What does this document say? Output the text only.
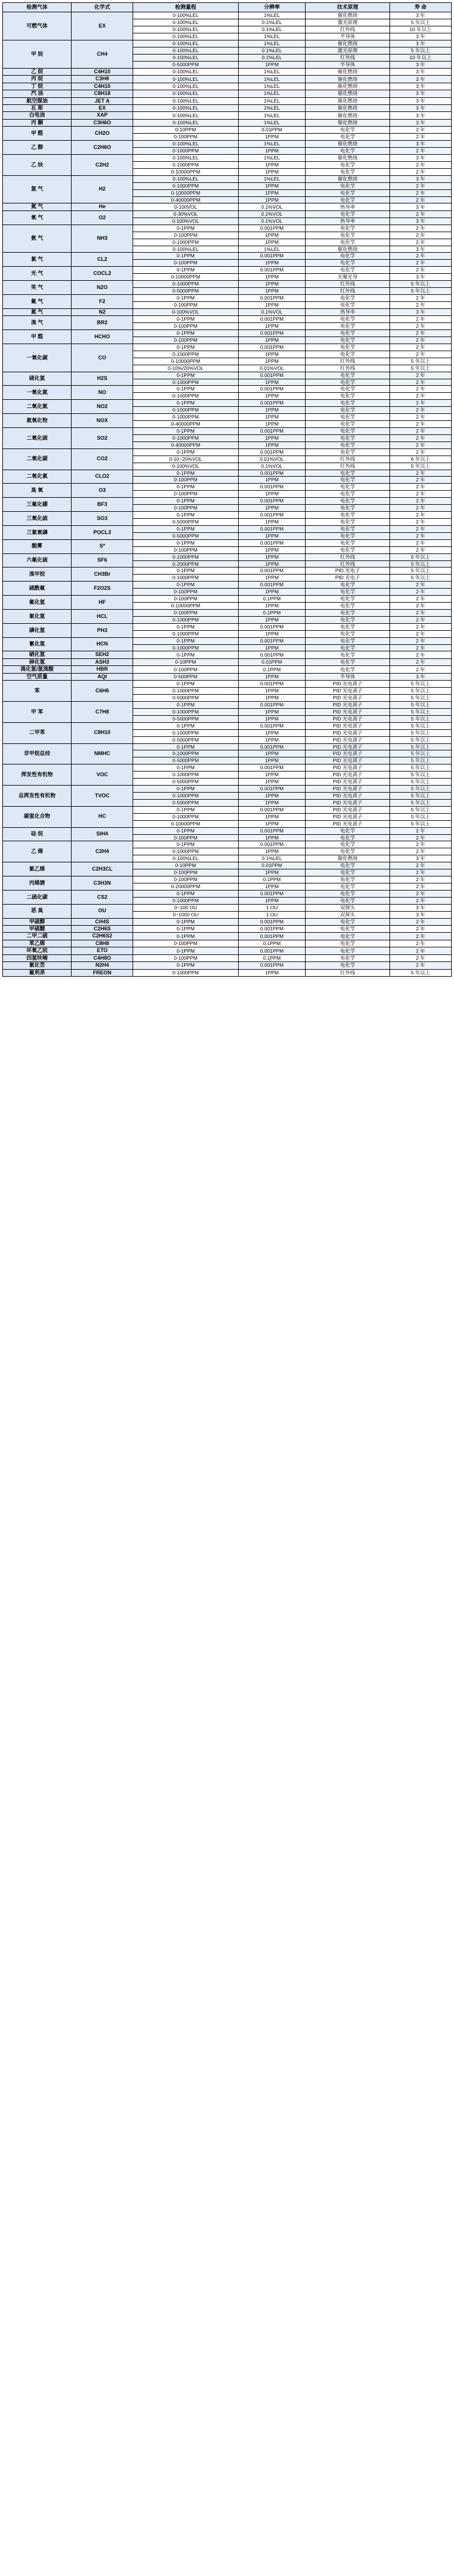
检测气体	化学式	检测量程	分辨率	技术原理	寿 命
可燃气体	EX	0-100%LEL	1%LEL	催化燃烧	3 年
		0-100%LEL	0.1%LEL	激光原理	5 年以上
		0-100%LEL	0.1%LEL	红外线	10 年以上
		0-100%LEL	1%LEL	半导体	3 年
甲 烷	CH4	0-100%LEL	1%LEL	催化燃烧	3 年
		0-100%LEL	0.1%LEL	激光原理	5 年以上
		0-100%LEL	0.1%LEL	红外线	10 年以上
		0-5000PPM	1PPM	半导体	3 年
乙 烷	C4H10	0-100%LEL	1%LEL	催化燃烧	3 年
丙 烷	C3H8	0-100%LEL	1%LEL	催化燃烧	3 年
丁 烷	C4H10	0-100%LEL	1%LEL	催化燃烧	3 年
汽 油	C8H18	0-100%LEL	1%LEL	催化燃烧	3 年
航空煤油	JET A	0-100%LEL	1%LEL	催化燃烧	3 年
瓦 斯	EX	0-100%LEL	1%LEL	催化燃烧	3 年
白电油	XAP	0-100%LEL	1%LEL	催化燃烧	3 年
丙 酮	C3H6O	0-100%LEL	1%LEL	催化燃烧	3 年
甲 醛	CH2O	0-10PPM	0.01PPM	电化学	2 年
		0-100PPM	1PPM	电化学	2 年
乙 醇	C2H6O	0-100%LEL	1%LEL	催化燃烧	3 年
		0-1000PPM	1PPM	电化学	2 年
乙 炔	C2H2	0-100%LEL	1%LEL	催化燃烧	3 年
		0-1000PPM	1PPM	电化学	2 年
		0-10000PPM	1PPM	电化学	2 年
氢 气	H2	0-100%LEL	1%LEL	催化燃烧	3 年
		0-1000PPM	1PPM	电化学	2 年
		0-10000PPM	1PPM	电化学	2 年
		0-40000PPM	1PPM	电化学	2 年
氦 气	He	0-100VOL	0.1%VOL	热导率	3 年
氧 气	O2	0-30%VOL	0.1%VOL	电化学	2 年
		0-100%VOL	0.1%VOL	热导率	3 年
氨 气	NH3	0-1PPM	0.001PPM	电化学	2 年
		0-100PPM	1PPM	电化学	2 年
		0-1000PPM	1PPM	电化学	2 年
		0-100%LEL	1%LEL	催化燃烧	3 年
氯 气	CL2	0-1PPM	0.001PPM	电化学	2 年
		0-100PPM	1PPM	电化学	2 年
光 气	COCL2	0-1PPM	0.001PPM	电化学	2 年
		0-10000PPM	1PPM	光聚光导	3 年
笑 气	N2O	0-1000PPM	1PPM	红外线	5 年以上
		0-5000PPM	1PPM	红外线	5 年以上
氟 气	F2	0-1PPM	0.001PPM	电化学	2 年
		0-100PPM	1PPM	电化学	2 年
氮 气	N2	0-100%VOL	0.1%VOL	热导率	3 年
溴 气	BR2	0-1PPM	0.001PPM	电化学	2 年
		0-100PPM	1PPM	电化学	2 年
甲 醛	HCHO	0-1PPM	0.001PPM	电化学	2 年
		0-100PPM	1PPM	电化学	2 年
一氧化碳	CO	0-1PPM	0.001PPM	电化学	2 年
		0-1000PPM	1PPM	电化学	2 年
		0-10000PPM	1PPM	红外线	5 年以上
		0-10%/20%VOL	0.01%VOL	红外线	5 年以上
硫化氢	H2S	0-1PPM	0.001PPM	电化学	2 年
		0-1000PPM	1PPM	电化学	2 年
一氧化氮	NO	0-1PPM	0.001PPM	电化学	2 年
		0-1000PPM	1PPM	电化学	2 年
二氧化氮	NO2	0-1PPM	0.001PPM	电化学	2 年
		0-1000PPM	1PPM	电化学	2 年
氮氧化物	NOX	0-1000PPM	1PPM	电化学	2 年
		0-40000PPM	1PPM	电化学	2 年
二氧化硫	SO2	0-1PPM	0.001PPM	电化学	2 年
		0-1000PPM	1PPM	电化学	2 年
		0-40000PPM	1PPM	电化学	2 年
二氧化碳	CO2	0-1PPM	0.001PPM	电化学	2 年
		0-10~20%VOL	0.01%VOL	红外线	6 年以上
		0-100%VOL	0.1%VOL	红外线	5 年以上
二氧化氯	CLO2	0-1PPM	0.001PPM	电化学	2 年
		0-100PPM	1PPM	电化学	2 年
臭 氧	O3	0-1PPM	0.001PPM	电化学	2 年
		0-100PPM	1PPM	电化学	2 年
三氟化硼	BF3	0-1PPM	0.001PPM	电化学	2 年
		0-100PPM	1PPM	电化学	2 年
三氧化硫	SO3	0-1PPM	0.001PPM	电化学	2 年
		0-5000PPM	1PPM	电化学	2 年
三氯氧磷	POCL3	0-1PPM	0.001PPM	电化学	2 年
		0-5000PPM	1PPM	电化学	2 年
酸雾	S*	0-1PPM	0.001PPM	电化学	2 年
		0-100PPM	1PPM	电化学	2 年
六氟化硫	SF6	0-1000PPM	1PPM	红外线	5 年以上
		0-2000PPM	1PPM	红外线	5 年以上
溴甲烷	CH3Br	0-1PPM	0.001PPM	PID 光电子	5 年以上
		0-1000PPM	1PPM	PID 光电子	5 年以上
硫酰氟	F2O2S	0-1PPM	0.001PPM	电化学	2 年
		0-100PPM	1PPM	电化学	2 年
氟化氢	HF	0-100PPM	0.1PPM	电化学	2 年
		0-10000PPM	1PPM	电化学	2 年
氯化氢	HCL	0-100PPM	0.1PPM	电化学	2 年
		0-1000PPM	1PPM	电化学	2 年
磷化氢	PH3	0-1PPM	0.001PPM	电化学	2 年
		0-1000PPM	1PPM	电化学	2 年
氰化氢	HCN	0-1PPM	0.001PPM	电化学	2 年
		0-1000PPM	1PPM	电化学	2 年
硒化氢	SEH2	0-1PPM	0.001PPM	电化学	2 年
砷化氢	ASH3	0-10PPM	0.01PPM	电化学	2 年
溴化氢/氢溴酸	HBR	0-100PPM	0.1PPM	电化学	2 年
空气质量	AQI	0-500PPM	1PPM	半导体	3 年
苯	C6H6	0-1PPM	0.001PPM	PID 光电离子	5 年以上
		0-1000PPM	1PPM	PID 光电离子	5 年以上
		0-5000PPM	1PPM	PID 光电离子	5 年以上
甲 苯	C7H8	0-1PPM	0.001PPM	PID 光电离子	5 年以上
		0-1000PPM	1PPM	PID 光电离子	5 年以上
		0-5000PPM	1PPM	PID 光电离子	5 年以上
二甲苯	C8H10	0-1PPM	0.001PPM	PID 光电离子	5 年以上
		0-1000PPM	1PPM	PID 光电离子	5 年以上
		0-5000PPM	1PPM	PID 光电离子	5 年以上
非甲烷总烃	NMHC	0-1PPM	0.001PPM	PID 光电离子	5 年以上
		0-1000PPM	1PPM	PID 光电离子	5 年以上
		0-5000PPM	1PPM	PID 光电离子	5 年以上
挥发性有机物	VOC	0-1PPM	0.001PPM	PID 光电离子	5 年以上
		0-1000PPM	1PPM	PID 光电离子	5 年以上
		0-5000PPM	1PPM	PID 光电离子	5 年以上
总挥发性有机物	TVOC	0-1PPM	0.001PPM	PID 光电离子	5 年以上
		0-1000PPM	1PPM	PID 光电离子	5 年以上
		0-5000PPM	1PPM	PID 光电离子	5 年以上
碳氢化合物	HC	0-1PPM	0.001PPM	PID 光电离子	5 年以上
		0-1000PPM	1PPM	PID 光电离子	5 年以上
		0-10000PPM	1PPM	PID 光电离子	5 年以上
硅 烷	SIH4	0-1PPM	0.001PPM	电化学	2 年
		0-100PPM	1PPM	电化学	2 年
乙 烯	C2H4	0-1PPM	0.001PPM	电化学	2 年
		0-1000PPM	1PPM	电化学	2 年
		0-100%LEL	0.1%LEL	催化燃烧	3 年
氯乙烯	C2H3CL	0-10PPM	0.01PPM	电化学	2 年
		0-100PPM	1PPM	电化学	2 年
丙烯腈	C3H3N	0-100PPM	0.1PPM	电化学	2 年
		0-20000PPM	1PPM	电化学	2 年
二硫化碳	CS2	0-1PPM	0.001PPM	电化学	2 年
		0-1000PPM	1PPM	电化学	2 年
恶 臭	OU	0~100 OU	1 OU	双探头	3 年
		0~1000 OU	1 OU	双探头	3 年
甲硫醇	CH4S	0-1PPM	0.001PPM	电化学	2 年
甲硫醚	C2H6S	0-1PPM	0.001PPM	电化学	2 年
二甲二硫	C2H6S2	0-1PPM	0.001PPM	电化学	2 年
苯乙烯	C8H8	0-100PPM	0.1PPM	电化学	2 年
环氧乙烷	ETO	0-1PPM	0.001PPM	电化学	2 年
四氢呋喃	C4H8O	0-100PPM	0.1PPM	电化学	2 年
氯化苦	N2H4	0-1PPM	0.001PPM	电化学	2 年
氟利昂	FREON	0-1000PPM	1PPM	红外线	5 年以上
